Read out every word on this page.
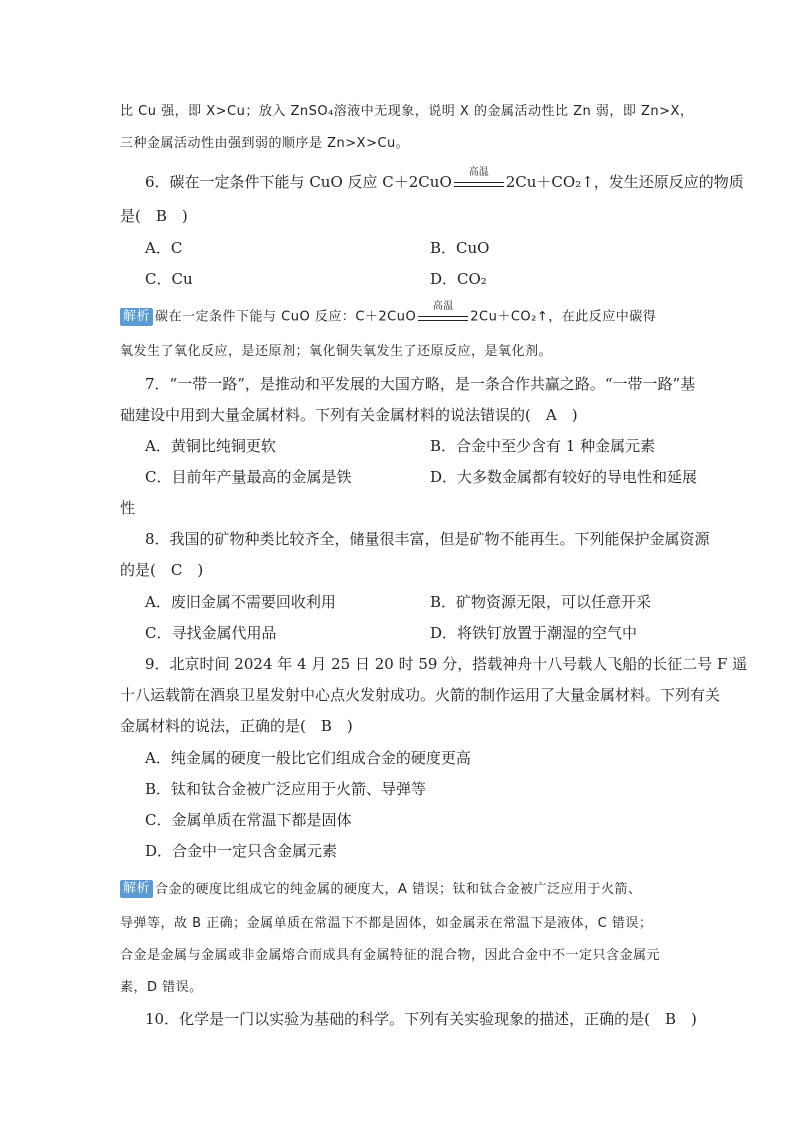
比 Cu 强，即 X>Cu；放入 ZnSO₄溶液中无现象，说明 X 的金属活动性比 Zn 弱，即 Zn>X，
三种金属活动性由强到弱的顺序是 Zn>X>Cu。
6．碳在一定条件下能与 CuO 反应 C＋2CuO
高温
2Cu＋CO₂↑，发生还原反应的物质
是(　B　)
A．C	B．CuO
C．Cu	D．CO₂
解析 碳在一定条件下能与 CuO 反应：C＋2CuO
高温
2Cu＋CO₂↑，在此反应中碳得
氧发生了氧化反应，是还原剂；氧化铜失氧发生了还原反应，是氧化剂。
7．“一带一路”，是推动和平发展的大国方略，是一条合作共赢之路。“一带一路”基
础建设中用到大量金属材料。下列有关金属材料的说法错误的(　A　)
A．黄铜比纯铜更软	B．合金中至少含有 1 种金属元素
C．目前年产量最高的金属是铁	D．大多数金属都有较好的导电性和延展
性
8．我国的矿物种类比较齐全，储量很丰富，但是矿物不能再生。下列能保护金属资源
的是(　C　)
A．废旧金属不需要回收利用	B．矿物资源无限，可以任意开采
C．寻找金属代用品	D．将铁钉放置于潮湿的空气中
9．北京时间 2024 年 4 月 25 日 20 时 59 分，搭载神舟十八号载人飞船的长征二号 F 遥
十八运载箭在酒泉卫星发射中心点火发射成功。火箭的制作运用了大量金属材料。下列有关
金属材料的说法，正确的是(　B　)
A．纯金属的硬度一般比它们组成合金的硬度更高
B．钛和钛合金被广泛应用于火箭、导弹等
C．金属单质在常温下都是固体
D．合金中一定只含金属元素
解析 合金的硬度比组成它的纯金属的硬度大，A 错误；钛和钛合金被广泛应用于火箭、
导弹等，故 B 正确；金属单质在常温下不都是固体，如金属汞在常温下是液体，C 错误；
合金是金属与金属或非金属熔合而成具有金属特征的混合物，因此合金中不一定只含金属元
素，D 错误。
10．化学是一门以实验为基础的科学。下列有关实验现象的描述，正确的是(　B　)
